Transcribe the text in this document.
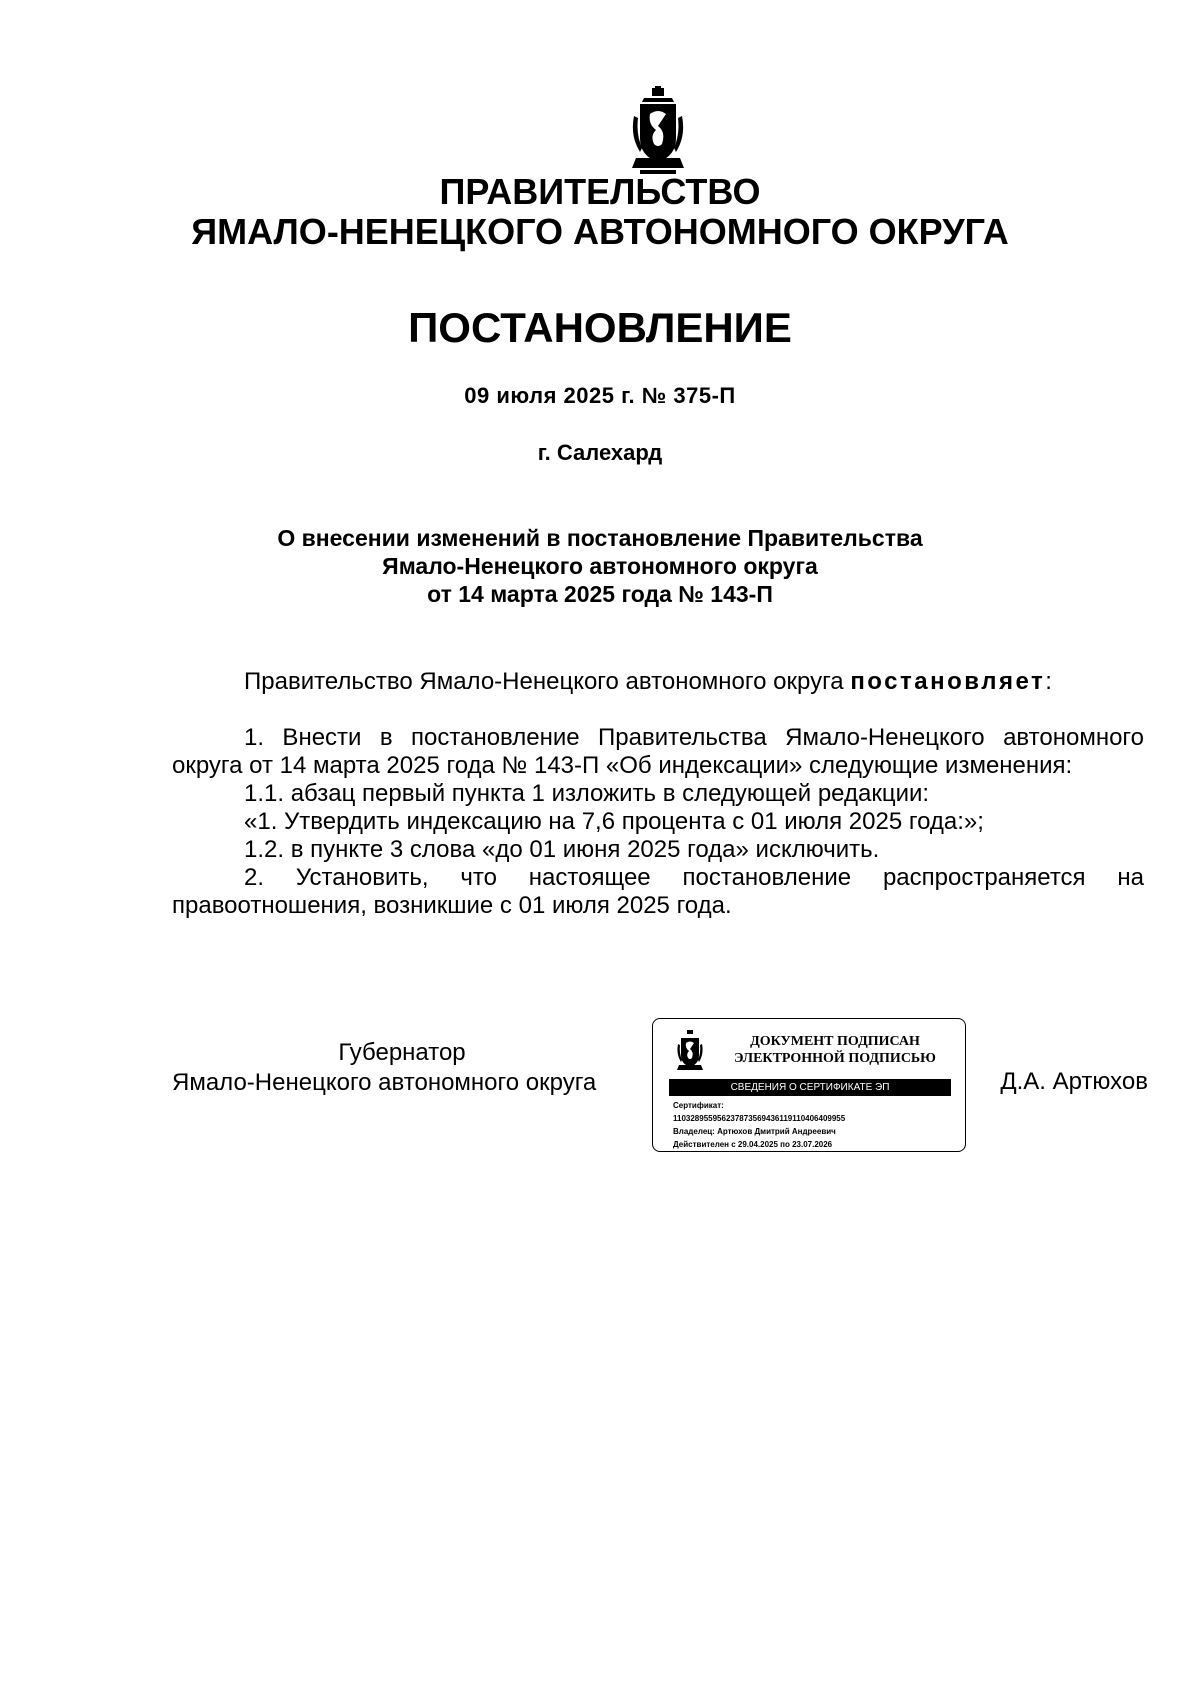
ПРАВИТЕЛЬСТВО
ЯМАЛО-НЕНЕЦКОГО АВТОНОМНОГО ОКРУГА
ПОСТАНОВЛЕНИЕ
09 июля 2025 г. № 375-П
г. Салехард
О внесении изменений в постановление Правительства
Ямало-Ненецкого автономного округа
от 14 марта 2025 года № 143-П

Правительство Ямало-Ненецкого автономного округа постановляет:

1. Внести в постановление Правительства Ямало-Ненецкого автономного округа от 14 марта 2025 года № 143-П «Об индексации» следующие изменения:

1.1. абзац первый пункта 1 изложить в следующей редакции:

«1. Утвердить индексацию на 7,6 процента с 01 июля 2025 года:»;

1.2. в пункте 3 слова «до 01 июня 2025 года» исключить.

2. Установить, что настоящее постановление распространяется на правоотношения, возникшие с 01 июля 2025 года.

Губернатор
Ямало-Ненецкого автономного округа
ДОКУМЕНТ ПОДПИСАН
ЭЛЕКТРОННОЙ ПОДПИСЬЮ
СВЕДЕНИЯ О СЕРТИФИКАТЕ ЭП
Сертификат:
110328955956237873569436119110406409955
Владелец: Артюхов Дмитрий Андреевич
Действителен с 29.04.2025 по 23.07.2026
Д.А. Артюхов
